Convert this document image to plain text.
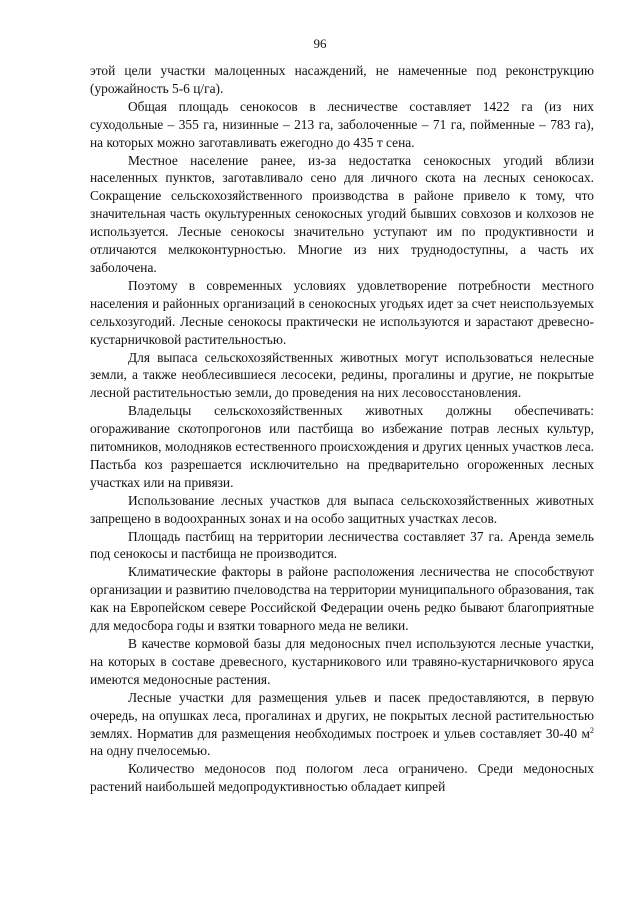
96

этой цели участки малоценных насаждений, не намеченные под реконструкцию (урожайность 5-6 ц/га).

Общая площадь сенокосов в лесничестве составляет 1422 га (из них суходольные – 355 га, низинные – 213 га, заболоченные – 71 га, пойменные – 783 га), на которых можно заготавливать ежегодно до 435 т сена.

Местное население ранее, из-за недостатка сенокосных угодий вблизи населенных пунктов, заготавливало сено для личного скота на лесных сенокосах. Сокращение сельскохозяйственного производства в районе привело к тому, что значительная часть окультуренных сенокосных угодий бывших совхозов и колхозов не используется. Лесные сенокосы значительно уступают им по продуктивности и отличаются мелкоконтурностью. Многие из них труднодоступны, а часть их заболочена.

Поэтому в современных условиях удовлетворение потребности местного населения и районных организаций в сенокосных угодьях идет за счет неиспользуемых сельхозугодий. Лесные сенокосы практически не используются и зарастают древесно-кустарничковой растительностью.

Для выпаса сельскохозяйственных животных могут использоваться нелесные земли, а также необлесившиеся лесосеки, редины, прогалины и другие, не покрытые лесной растительностью земли, до проведения на них лесовосстановления.

Владельцы сельскохозяйственных животных должны обеспечивать: огораживание скотопрогонов или пастбища во избежание потрав лесных культур, питомников, молодняков естественного происхождения и других ценных участков леса. Пастьба коз разрешается исключительно на предварительно огороженных лесных участках или на привязи.

Использование лесных участков для выпаса сельскохозяйственных животных запрещено в водоохранных зонах и на особо защитных участках лесов.

Площадь пастбищ на территории лесничества составляет 37 га. Аренда земель под сенокосы и пастбища не производится.

Климатические факторы в районе расположения лесничества не способствуют организации и развитию пчеловодства на территории муниципального образования, так как на Европейском севере Российской Федерации очень редко бывают благоприятные для медосбора годы и взятки товарного меда не велики.

В качестве кормовой базы для медоносных пчел используются лесные участки, на которых в составе древесного, кустарникового или травяно-кустарничкового яруса имеются медоносные растения.

Лесные участки для размещения ульев и пасек предоставляются, в первую очередь, на опушках леса, прогалинах и других, не покрытых лесной растительностью землях. Норматив для размещения необходимых построек и ульев составляет 30-40 $м^2$ на одну пчелосемью.

Количество медоносов под пологом леса ограничено. Среди медоносных растений наибольшей медопродуктивностью обладает кипрей
